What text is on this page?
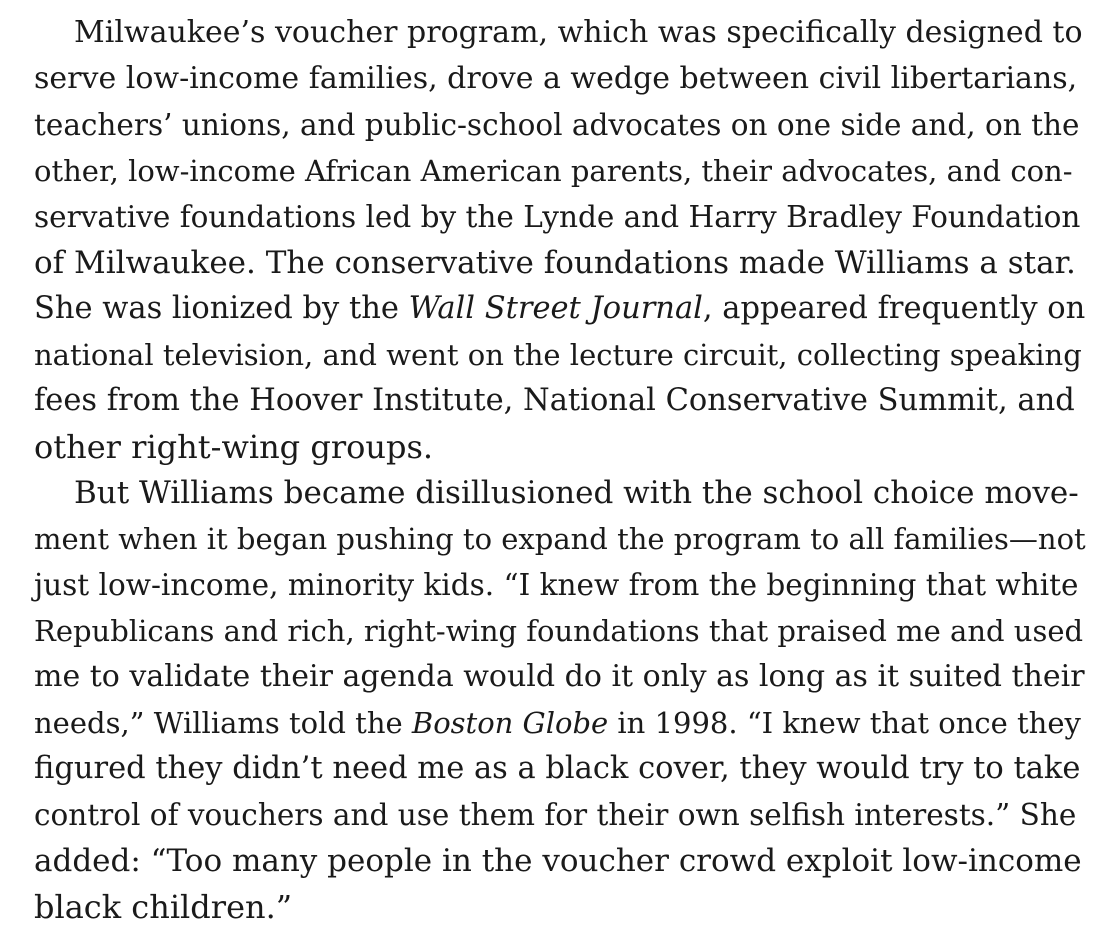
Milwaukee’s voucher program, which was specifically designed to
serve low-income families, drove a wedge between civil libertarians,
teachers’ unions, and public-school advocates on one side and, on the
other, low-income African American parents, their advocates, and con-
servative foundations led by the Lynde and Harry Bradley Foundation
of Milwaukee. The conservative foundations made Williams a star.
She was lionized by the Wall Street Journal, appeared frequently on
national television, and went on the lecture circuit, collecting speaking
fees from the Hoover Institute, National Conservative Summit, and
other right-wing groups.
But Williams became disillusioned with the school choice move-
ment when it began pushing to expand the program to all families—not
just low-income, minority kids. “I knew from the beginning that white
Republicans and rich, right-wing foundations that praised me and used
me to validate their agenda would do it only as long as it suited their
needs,” Williams told the Boston Globe in 1998. “I knew that once they
figured they didn’t need me as a black cover, they would try to take
control of vouchers and use them for their own selfish interests.” She
added: “Too many people in the voucher crowd exploit low-income
black children.”
